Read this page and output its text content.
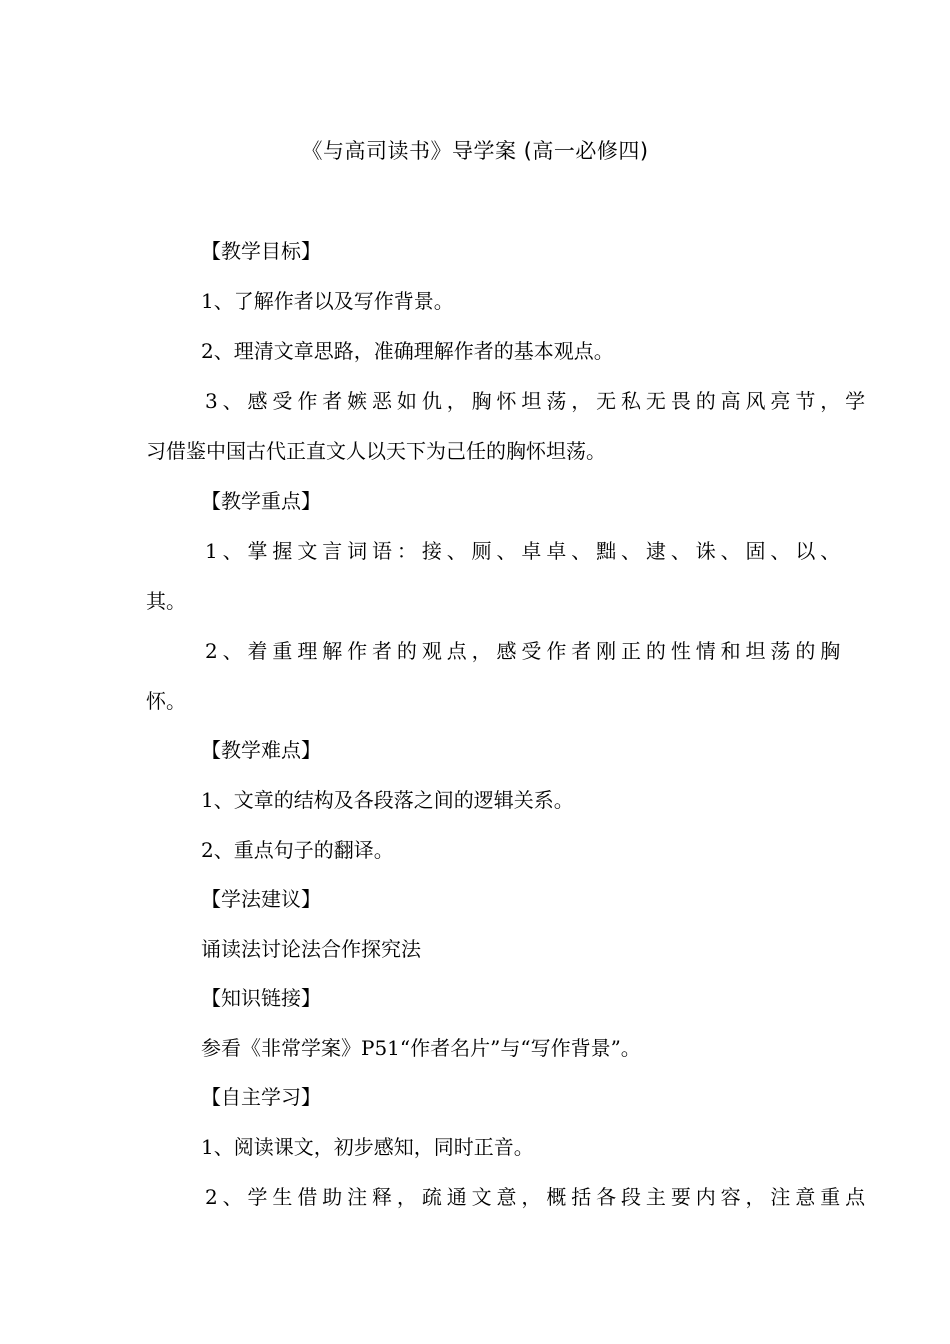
《与高司读书》导学案 (高一必修四)
【教学目标】
1、了解作者以及写作背景。
2、理清文章思路，准确理解作者的基本观点。
3、感受作者嫉恶如仇，胸怀坦荡，无私无畏的高风亮节，学
习借鉴中国古代正直文人以天下为己任的胸怀坦荡。
【教学重点】
1、掌握文言词语：接、厕、卓卓、黜、逮、诛、固、以、
其。
2、着重理解作者的观点，感受作者刚正的性情和坦荡的胸
怀。
【教学难点】
1、文章的结构及各段落之间的逻辑关系。
2、重点句子的翻译。
【学法建议】
诵读法讨论法合作探究法
【知识链接】
参看《非常学案》P51“作者名片”与“写作背景”。
【自主学习】
1、阅读课文，初步感知，同时正音。
2、学生借助注释，疏通文意，概括各段主要内容，注意重点
